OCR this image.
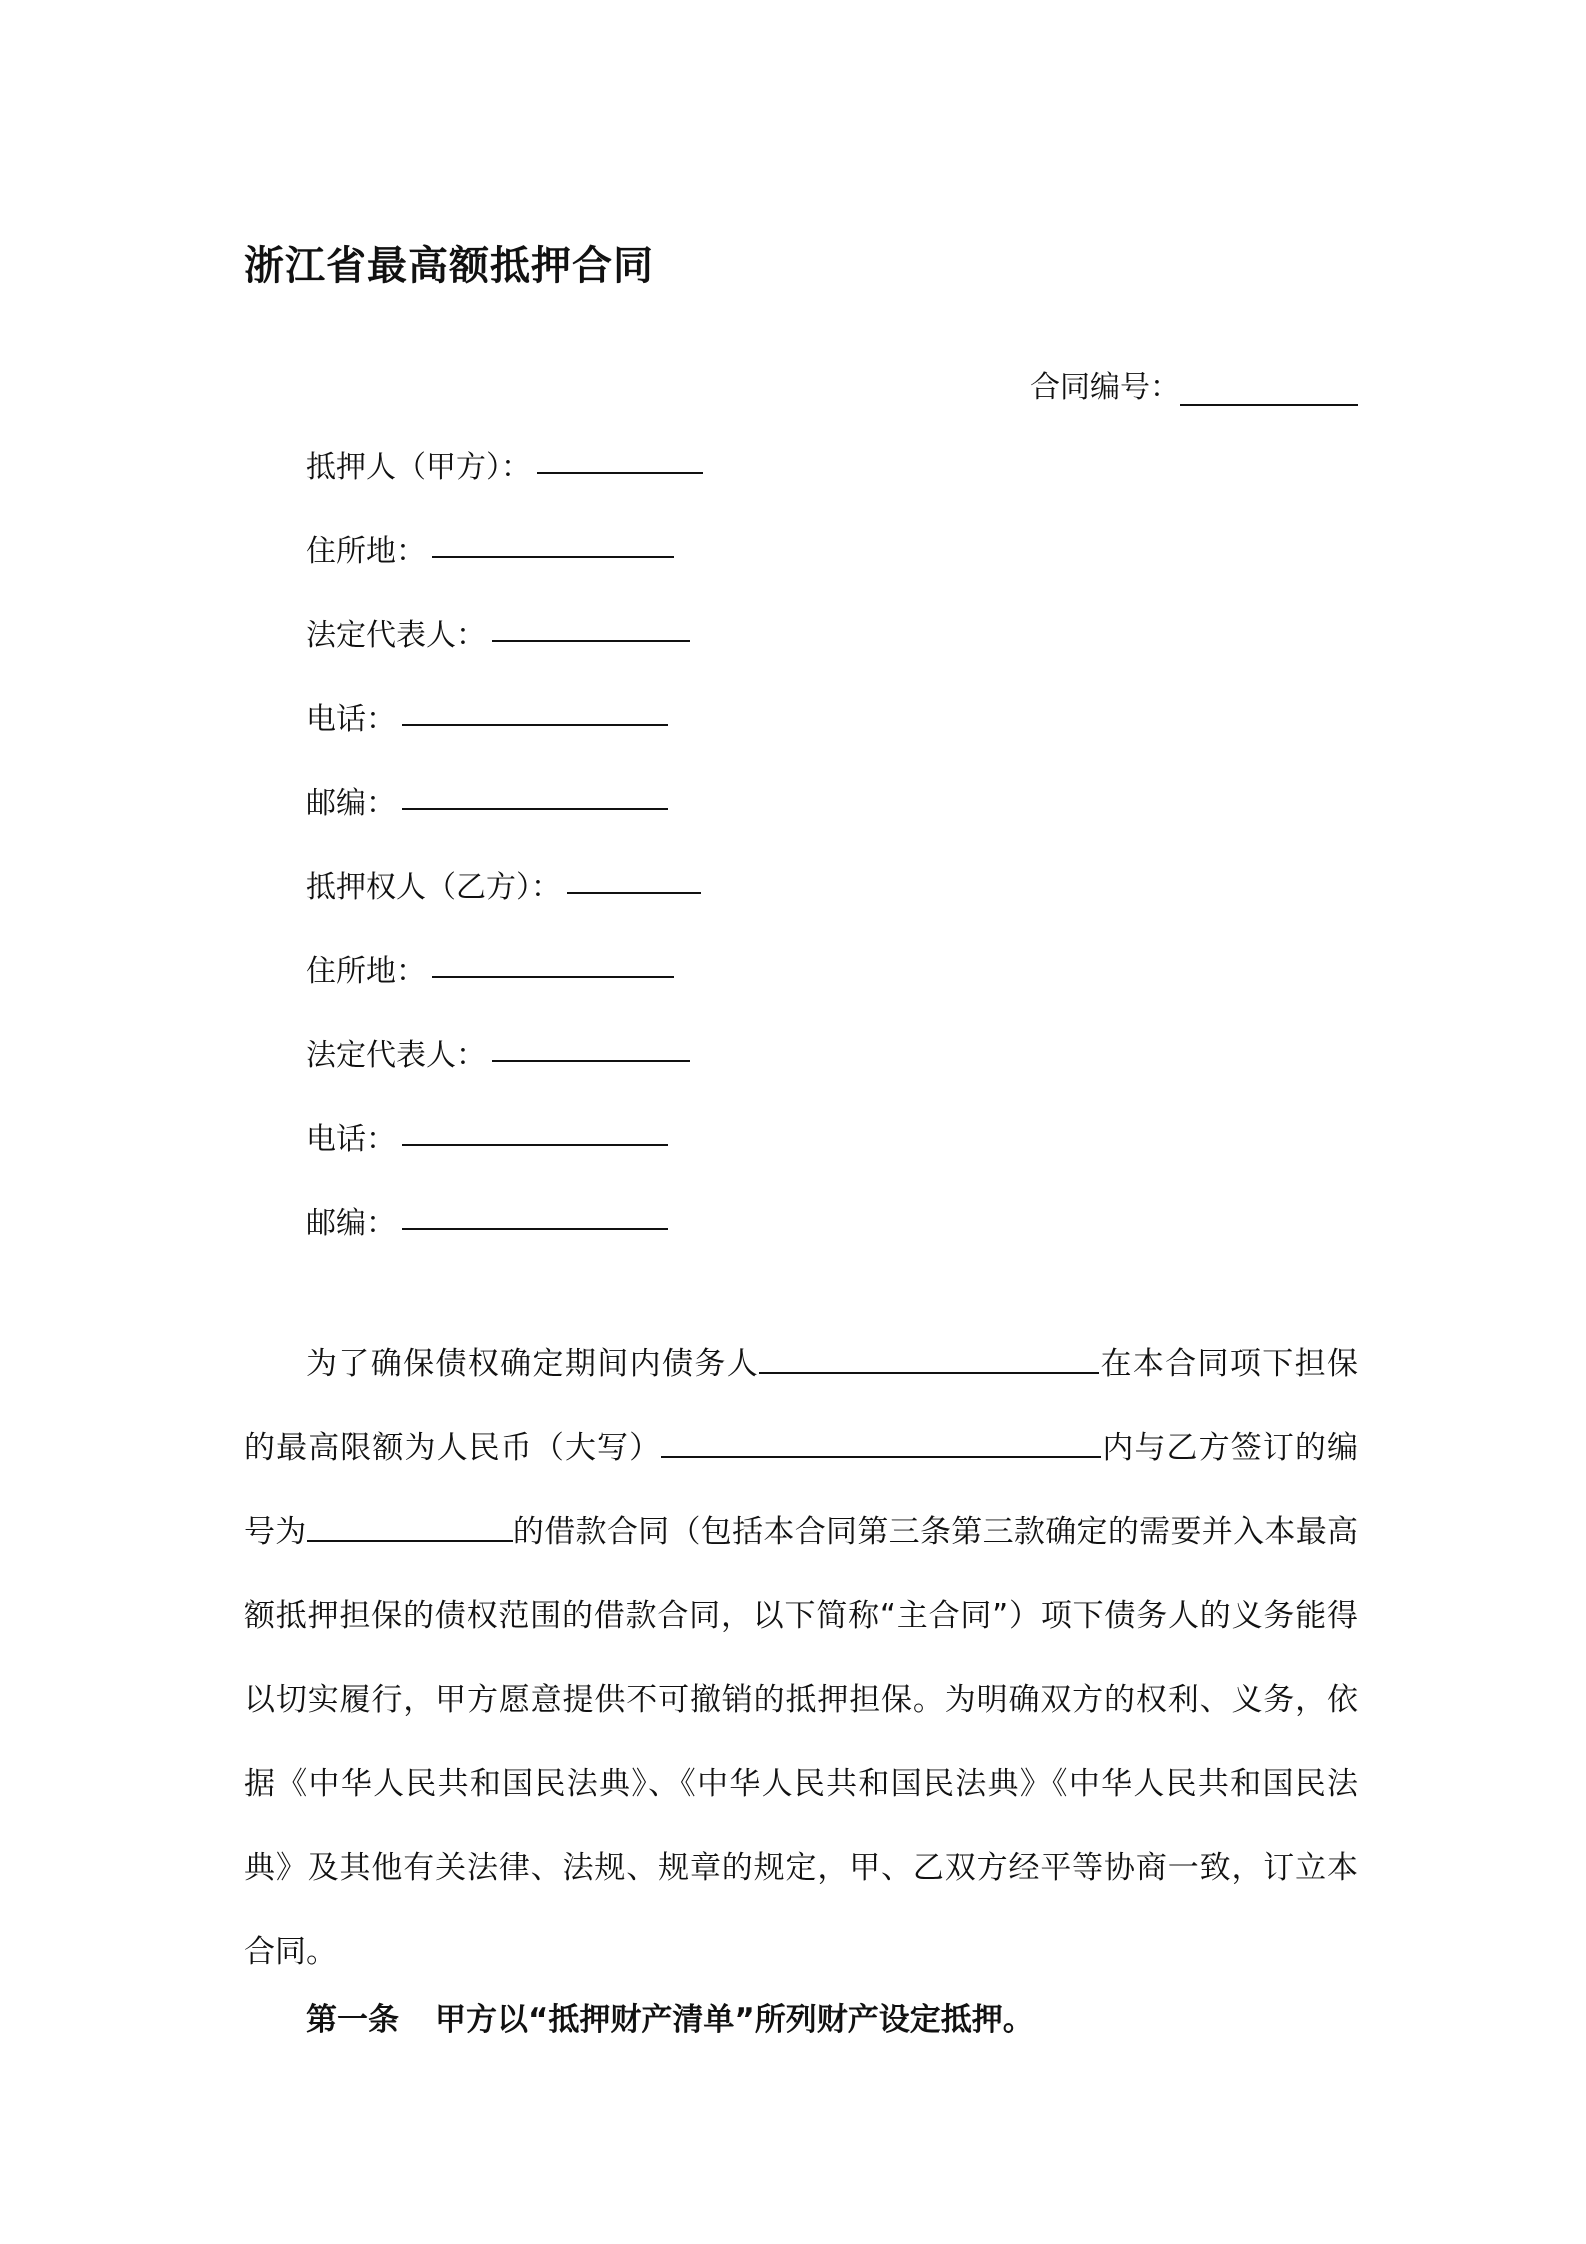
浙江省最高额抵押合同
合同编号：
抵押人（甲方）：
住所地：
法定代表人：
电话：
邮编：
抵押权人（乙方）：
住所地：
法定代表人：
电话：
邮编：
为了确保债权确定期间内债务人	在本合同项下担保的最高限额为人民币（大写）	内与乙方签订的编号为	的借款合同（包括本合同第三条第三款确定的需要并入本最高额抵押担保的债权范围的借款合同，以下简称“主合同”）项下债务人的义务能得以切实履行，甲方愿意提供不可撤销的抵押担保。为明确双方的权利、义务，依据《中华人民共和国民法典》、《中华人民共和国民法典》《中华人民共和国民法典》及其他有关法律、法规、规章的规定，甲、乙双方经平等协商一致，订立本合同。
第一条 甲方以“抵押财产清单”所列财产设定抵押。
